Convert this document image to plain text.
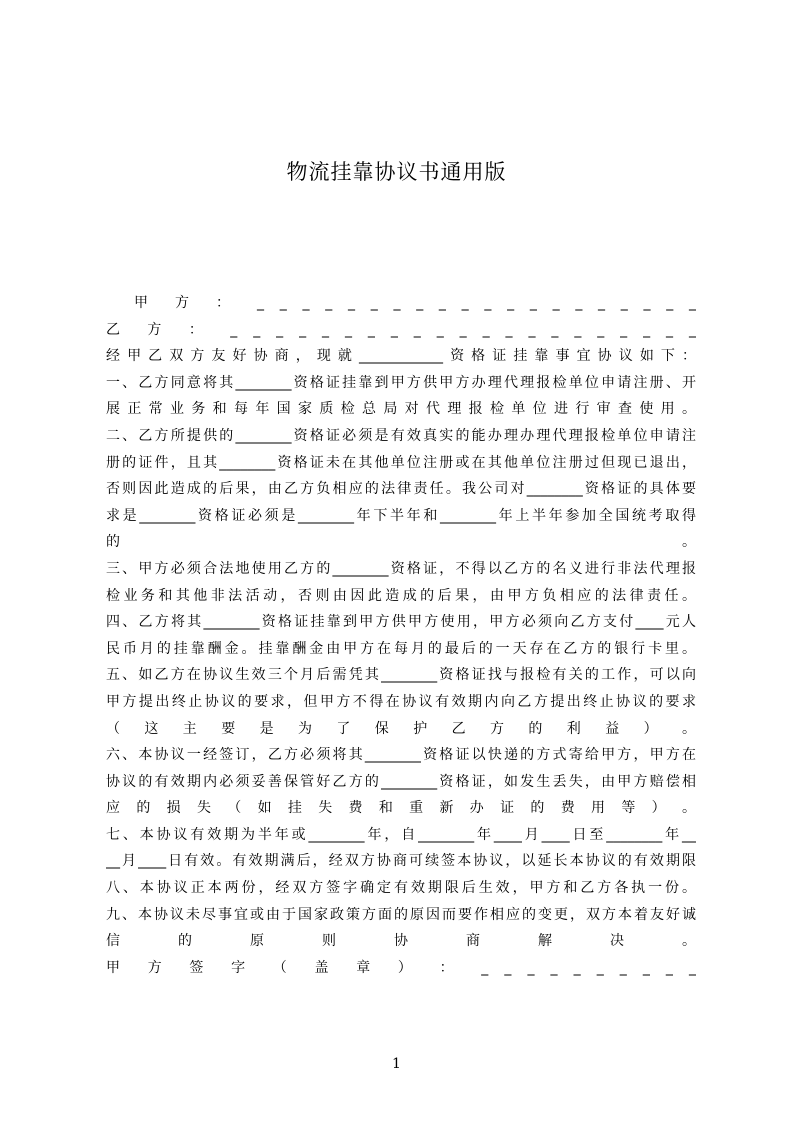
物流挂靠协议书通用版
甲 方 ： _ _ _ _ _ _ _ _ _ _ _ _ _ _ _ _ _ _ _ _
乙 方 ： _ _ _ _ _ _ _ _ _ _ _ _ _ _ _ _ _ _ _ _ _
经甲乙双方友好协商，现就____________资格证挂靠事宜协议如下：
一、乙方同意将其________资格证挂靠到甲方供甲方办理代理报检单位申请注册、开
展正常业务和每年国家质检总局对代理报检单位进行审查使用。
二、乙方所提供的________资格证必须是有效真实的能办理办理代理报检单位申请注
册的证件，且其________资格证未在其他单位注册或在其他单位注册过但现已退出，
否则因此造成的后果，由乙方负相应的法律责任。我公司对________资格证的具体要
求是________资格证必须是________年下半年和________年上半年参加全国统考取得
的 。
三、甲方必须合法地使用乙方的________资格证，不得以乙方的名义进行非法代理报
检业务和其他非法活动，否则由因此造成的后果，由甲方负相应的法律责任。
四、乙方将其________资格证挂靠到甲方供甲方使用，甲方必须向乙方支付____元人
民币月的挂靠酬金。挂靠酬金由甲方在每月的最后的一天存在乙方的银行卡里。
五、如乙方在协议生效三个月后需凭其________资格证找与报检有关的工作，可以向
甲方提出终止协议的要求，但甲方不得在协议有效期内向乙方提出终止协议的要求
（ 这 主 要 是 为 了 保 护 乙 方 的 利 益 ） 。
六、本协议一经签订，乙方必须将其________资格证以快递的方式寄给甲方，甲方在
协议的有效期内必须妥善保管好乙方的________资格证，如发生丢失，由甲方赔偿相
应 的 损 失 （ 如 挂 失 费 和 重 新 办 证 的 费 用 等 ） 。
七、本协议有效期为半年或________年，自________年____月____日至________年__
__月____日有效。有效期满后，经双方协商可续签本协议，以延长本协议的有效期限
八、本协议正本两份，经双方签字确定有效期限后生效，甲方和乙方各执一份。
九、本协议未尽事宜或由于国家政策方面的原因而要作相应的变更，双方本着友好诚
信 的 原 则 协 商 解 决 。
甲 方 签 字 （ 盖 章 ） ： _ _ _ _ _ _ _ _ _ _
1
